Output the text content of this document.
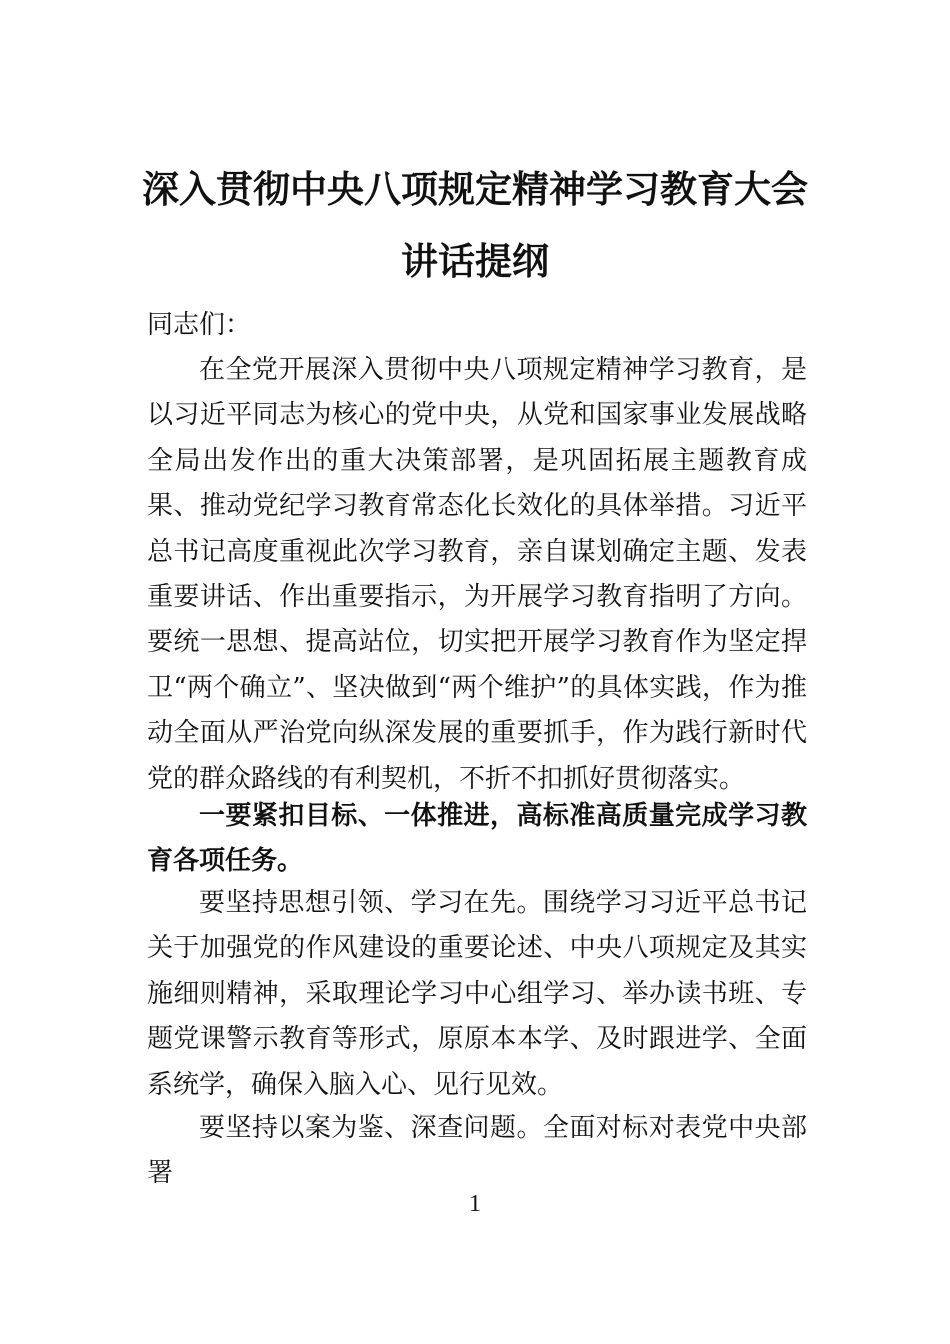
深入贯彻中央八项规定精神学习教育大会
讲话提纲
同志们：
在全党开展深入贯彻中央八项规定精神学习教育，是以习近平同志为核心的党中央，从党和国家事业发展战略全局出发作出的重大决策部署，是巩固拓展主题教育成果、推动党纪学习教育常态化长效化的具体举措。习近平总书记高度重视此次学习教育，亲自谋划确定主题、发表重要讲话、作出重要指示，为开展学习教育指明了方向。要统一思想、提高站位，切实把开展学习教育作为坚定捍卫“两个确立”、坚决做到“两个维护”的具体实践，作为推动全面从严治党向纵深发展的重要抓手，作为践行新时代党的群众路线的有利契机，不折不扣抓好贯彻落实。
一要紧扣目标、一体推进，高标准高质量完成学习教育各项任务。
要坚持思想引领、学习在先。围绕学习习近平总书记关于加强党的作风建设的重要论述、中央八项规定及其实施细则精神，采取理论学习中心组学习、举办读书班、专题党课警示教育等形式，原原本本学、及时跟进学、全面系统学，确保入脑入心、见行见效。
要坚持以案为鉴、深查问题。全面对标对表党中央部署
1
